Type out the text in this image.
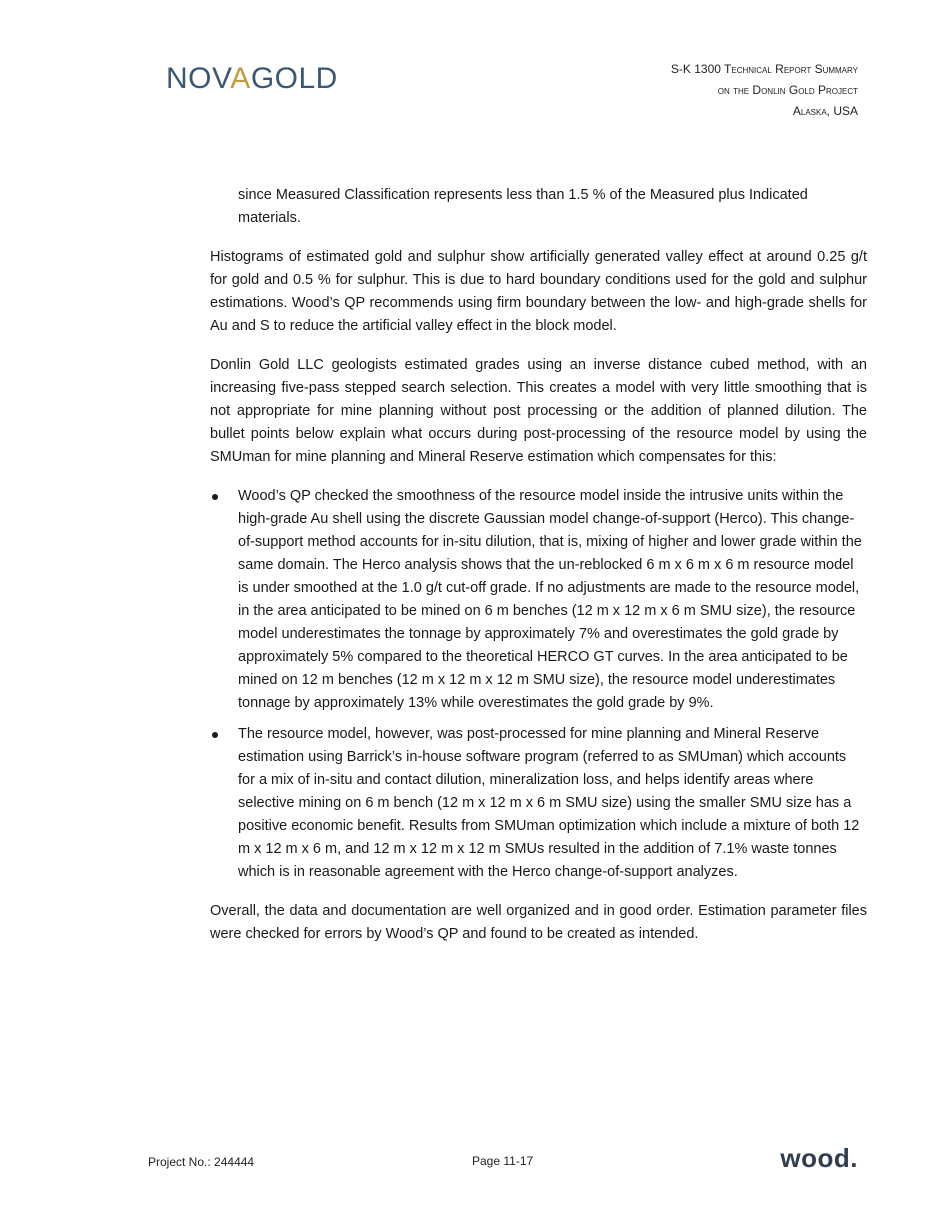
NOVAGOLD	S-K 1300 Technical Report Summary
on the Donlin Gold Project
Alaska, USA

since Measured Classification represents less than 1.5 % of the Measured plus Indicated materials.

Histograms of estimated gold and sulphur show artificially generated valley effect at around 0.25 g/t for gold and 0.5 % for sulphur. This is due to hard boundary conditions used for the gold and sulphur estimations. Wood’s QP recommends using firm boundary between the low- and high-grade shells for Au and S to reduce the artificial valley effect in the block model.

Donlin Gold LLC geologists estimated grades using an inverse distance cubed method, with an increasing five-pass stepped search selection. This creates a model with very little smoothing that is not appropriate for mine planning without post processing or the addition of planned dilution. The bullet points below explain what occurs during post-processing of the resource model by using the SMUman for mine planning and Mineral Reserve estimation which compensates for this:

Wood’s QP checked the smoothness of the resource model inside the intrusive units within the high-grade Au shell using the discrete Gaussian model change-of-support (Herco). This change-of-support method accounts for in-situ dilution, that is, mixing of higher and lower grade within the same domain. The Herco analysis shows that the un-reblocked 6 m x 6 m x 6 m resource model is under smoothed at the 1.0 g/t cut-off grade. If no adjustments are made to the resource model, in the area anticipated to be mined on 6 m benches (12 m x 12 m x 6 m SMU size), the resource model underestimates the tonnage by approximately 7% and overestimates the gold grade by approximately 5% compared to the theoretical HERCO GT curves. In the area anticipated to be mined on 12 m benches (12 m x 12 m x 12 m SMU size), the resource model underestimates tonnage by approximately 13% while overestimates the gold grade by 9%.
The resource model, however, was post-processed for mine planning and Mineral Reserve estimation using Barrick’s in-house software program (referred to as SMUman) which accounts for a mix of in-situ and contact dilution, mineralization loss, and helps identify areas where selective mining on 6 m bench (12 m x 12 m x 6 m SMU size) using the smaller SMU size has a positive economic benefit. Results from SMUman optimization which include a mixture of both 12 m x 12 m x 6 m, and 12 m x 12 m x 12 m SMUs resulted in the addition of 7.1% waste tonnes which is in reasonable agreement with the Herco change-of-support analyzes.

Overall, the data and documentation are well organized and in good order. Estimation parameter files were checked for errors by Wood’s QP and found to be created as intended.

Project No.: 244444	Page 11-17	wood.
